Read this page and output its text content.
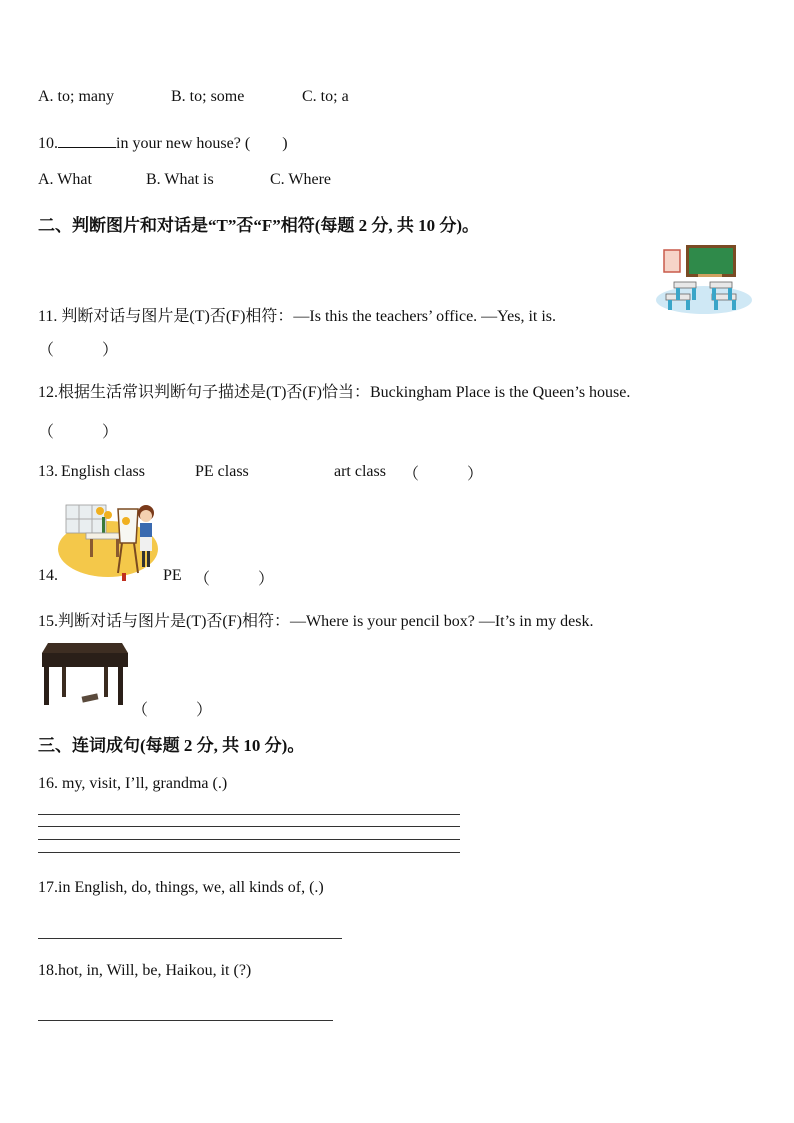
A. to; many	B. to; some	C. to; a
10.	in your new house? (　　)
A. What	B. What is	C. Where
二、判断图片和对话是“T”否“F”相符(每题 2 分, 共 10 分)。
11. 判断对话与图片是(T)否(F)相符：—Is this the teachers’ office. —Yes, it is.
（　　　）
12.根据生活常识判断句子描述是(T)否(F)恰当：Buckingham Place is the Queen’s house.
（　　　）
13. English class	PE class	art class （　　　）
14.	PE （　　　）
15.判断对话与图片是(T)否(F)相符：—Where is your pencil box? —It’s in my desk.
（　　　）
三、连词成句(每题 2 分, 共 10 分)。
16. my, visit, I’ll, grandma (.)
17.in English, do, things, we, all kinds of, (.)
18.hot, in, Will, be, Haikou, it (?)
